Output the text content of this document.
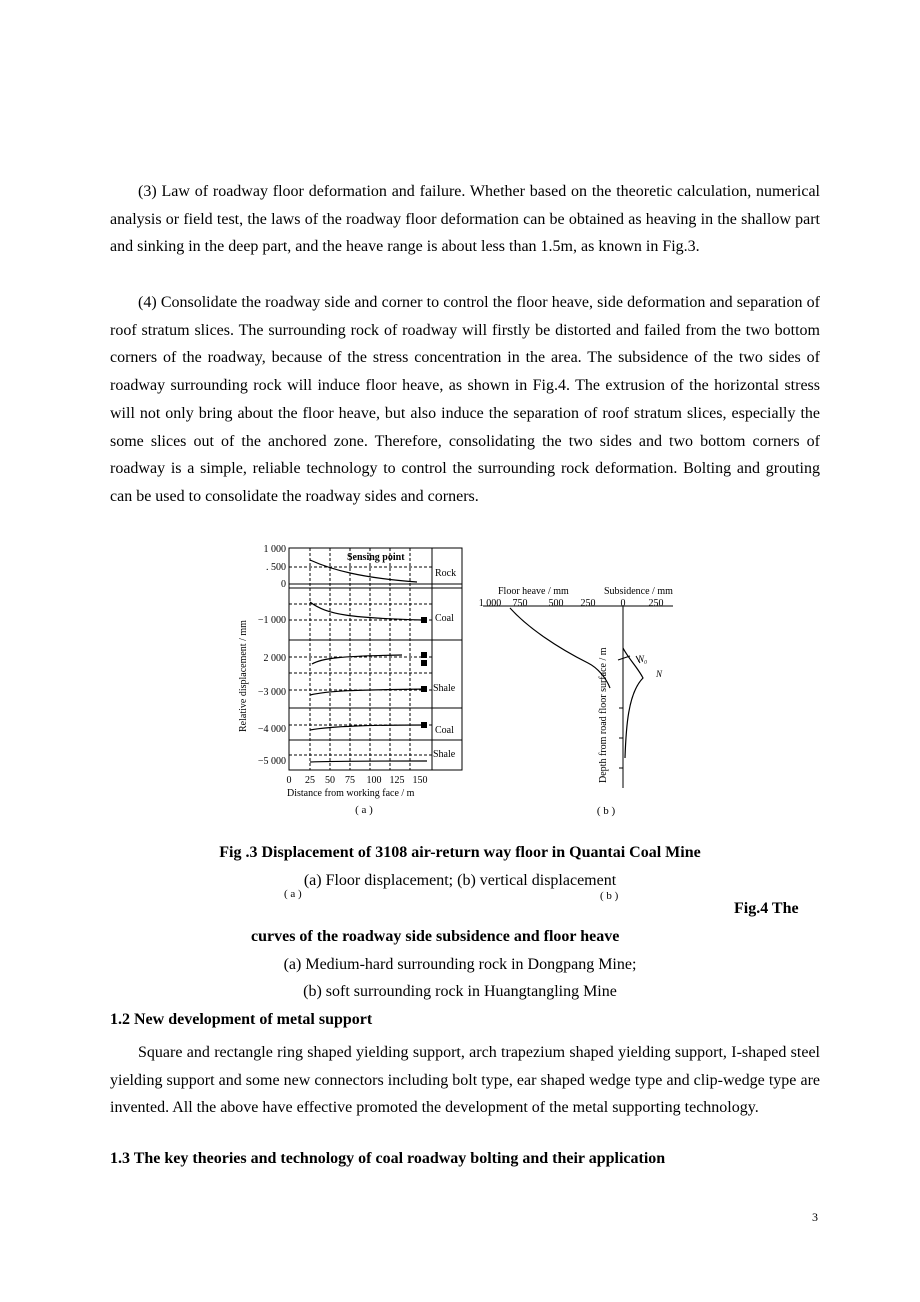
(3) Law of roadway floor deformation and failure. Whether based on the theoretic calculation, numerical analysis or field test, the laws of the roadway floor deformation can be obtained as heaving in the shallow part and sinking in the deep part, and the heave range is about less than 1.5m, as known in Fig.3.

(4) Consolidate the roadway side and corner to control the floor heave, side deformation and separation of roof stratum slices. The surrounding rock of roadway will firstly be distorted and failed from the two bottom corners of the roadway, because of the stress concentration in the area. The subsidence of the two sides of roadway surrounding rock will induce floor heave, as shown in Fig.4. The extrusion of the horizontal stress will not only bring about the floor heave, but also induce the separation of roof stratum slices, especially the some slices out of the anchored zone. Therefore, consolidating the two sides and two bottom corners of roadway is a simple, reliable technology to control the surrounding rock deformation. Bolting and grouting can be used to consolidate the roadway sides and corners.

1 000
. 500
0
−1 000
2 000
−3 000
−4 000
−5 000
Sensing point
Rock
Coal
Shale
Coal
Shale
0 25 50 75 100 125 150
Distance from working face / m
Relative displacement / mm
( a )
Floor heave / mm	Subsidence / mm
1 000 750 500 250	0 250
Depth from road floor surface / m	N₀
N
( b )

Fig .3 Displacement of 3108 air-return way floor in Quantai Coal Mine

(a) Floor displacement; (b) vertical displacement

( a )	( b )

Fig.4 The

curves of the roadway side subsidence and floor heave

(a) Medium-hard surrounding rock in Dongpang Mine;

(b) soft surrounding rock in Huangtangling Mine

1.2 New development of metal support

Square and rectangle ring shaped yielding support, arch trapezium shaped yielding support, I-shaped steel yielding support and some new connectors including bolt type, ear shaped wedge type and clip-wedge type are invented. All the above have effective promoted the development of the metal supporting technology.

1.3 The key theories and technology of coal roadway bolting and their application

3
